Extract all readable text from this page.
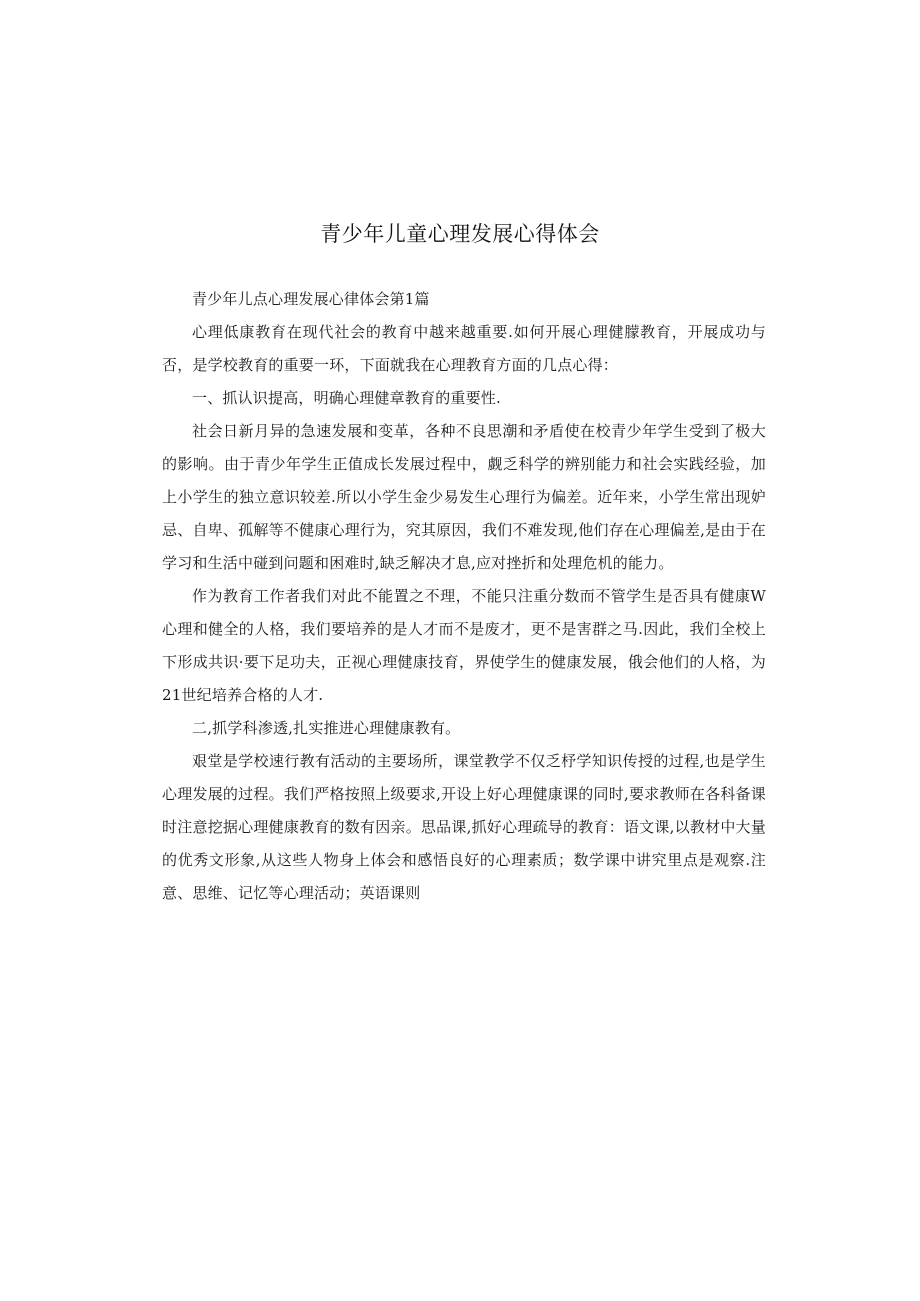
青少年儿童心理发展心得体会

青少年儿点心理发展心律体会第1篇

心理低康教育在现代社会的教育中越来越重要.如何开展心理健朦教育，开展成功与否，是学校教育的重要一环，下面就我在心理教育方面的几点心得：

一、抓认识提高，明确心理健章教育的重要性.

社会日新月异的急速发展和变革，各种不良思潮和矛盾使在校青少年学生受到了极大的影响。由于青少年学生正值成长发展过程中，觑乏科学的辨别能力和社会实践经验，加上小学生的独立意识较差.所以小学生金少易发生心理行为偏差。近年来，小学生常出现妒忌、自卑、孤解等不健康心理行为，究其原因，我们不难发现,他们存在心理偏差,是由于在学习和生活中碰到问题和困难时,缺乏解决才息,应对挫折和处理危机的能力。

作为教育工作者我们对此不能置之不理，不能只注重分数而不管学生是否具有健康W心理和健全的人格，我们要培养的是人才而不是废才，更不是害群之马.因此，我们全校上下形成共识·要下足功夫，正视心理健康技育，界使学生的健康发展，俄会他们的人格，为21世纪培养合格的人才.

二,抓学科渗透,扎实推进心理健康教有。

艰堂是学校速行教有活动的主要场所，课堂教学不仅乏杼学知识传授的过程,也是学生心理发展的过程。我们严格按照上级要求,开设上好心理健康课的同时,要求教师在各科备课时注意挖据心理健康教育的数有因亲。思品课,抓好心理疏导的教育：语文课,以教材中大量的优秀文形象,从这些人物身上体会和感悟良好的心理素质；数学课中讲究里点是观察.注意、思维、记忆等心理活动；英语课则
